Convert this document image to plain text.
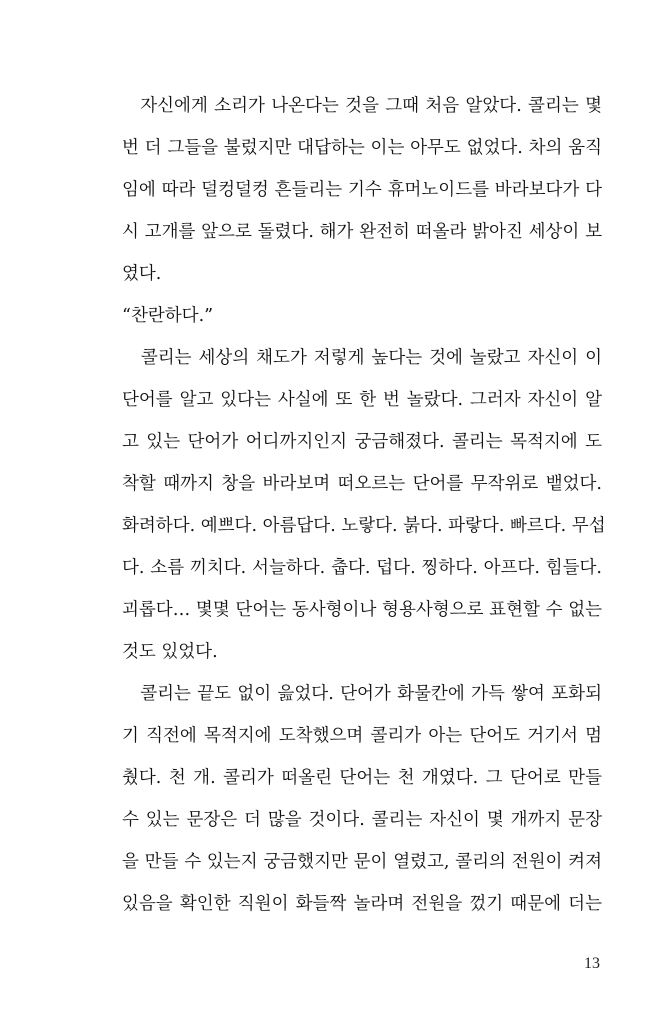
　자신에게 소리가 나온다는 것을 그때 처음 알았다. 콜리는 몇
번 더 그들을 불렀지만 대답하는 이는 아무도 없었다. 차의 움직
임에 따라 덜컹덜컹 흔들리는 기수 휴머노이드를 바라보다가 다
시 고개를 앞으로 돌렸다. 해가 완전히 떠올라 밝아진 세상이 보
였다.
“찬란하다.”
　콜리는 세상의 채도가 저렇게 높다는 것에 놀랐고 자신이 이
단어를 알고 있다는 사실에 또 한 번 놀랐다. 그러자 자신이 알
고 있는 단어가 어디까지인지 궁금해졌다. 콜리는 목적지에 도
착할 때까지 창을 바라보며 떠오르는 단어를 무작위로 뱉었다.
화려하다. 예쁘다. 아름답다. 노랗다. 붉다. 파랗다. 빠르다. 무섭
다. 소름 끼치다. 서늘하다. 춥다. 덥다. 찡하다. 아프다. 힘들다.
괴롭다… 몇몇 단어는 동사형이나 형용사형으로 표현할 수 없는
것도 있었다.
　콜리는 끝도 없이 읊었다. 단어가 화물칸에 가득 쌓여 포화되
기 직전에 목적지에 도착했으며 콜리가 아는 단어도 거기서 멈
췄다. 천 개. 콜리가 떠올린 단어는 천 개였다. 그 단어로 만들
수 있는 문장은 더 많을 것이다. 콜리는 자신이 몇 개까지 문장
을 만들 수 있는지 궁금했지만 문이 열렸고, 콜리의 전원이 켜져
있음을 확인한 직원이 화들짝 놀라며 전원을 껐기 때문에 더는
13
